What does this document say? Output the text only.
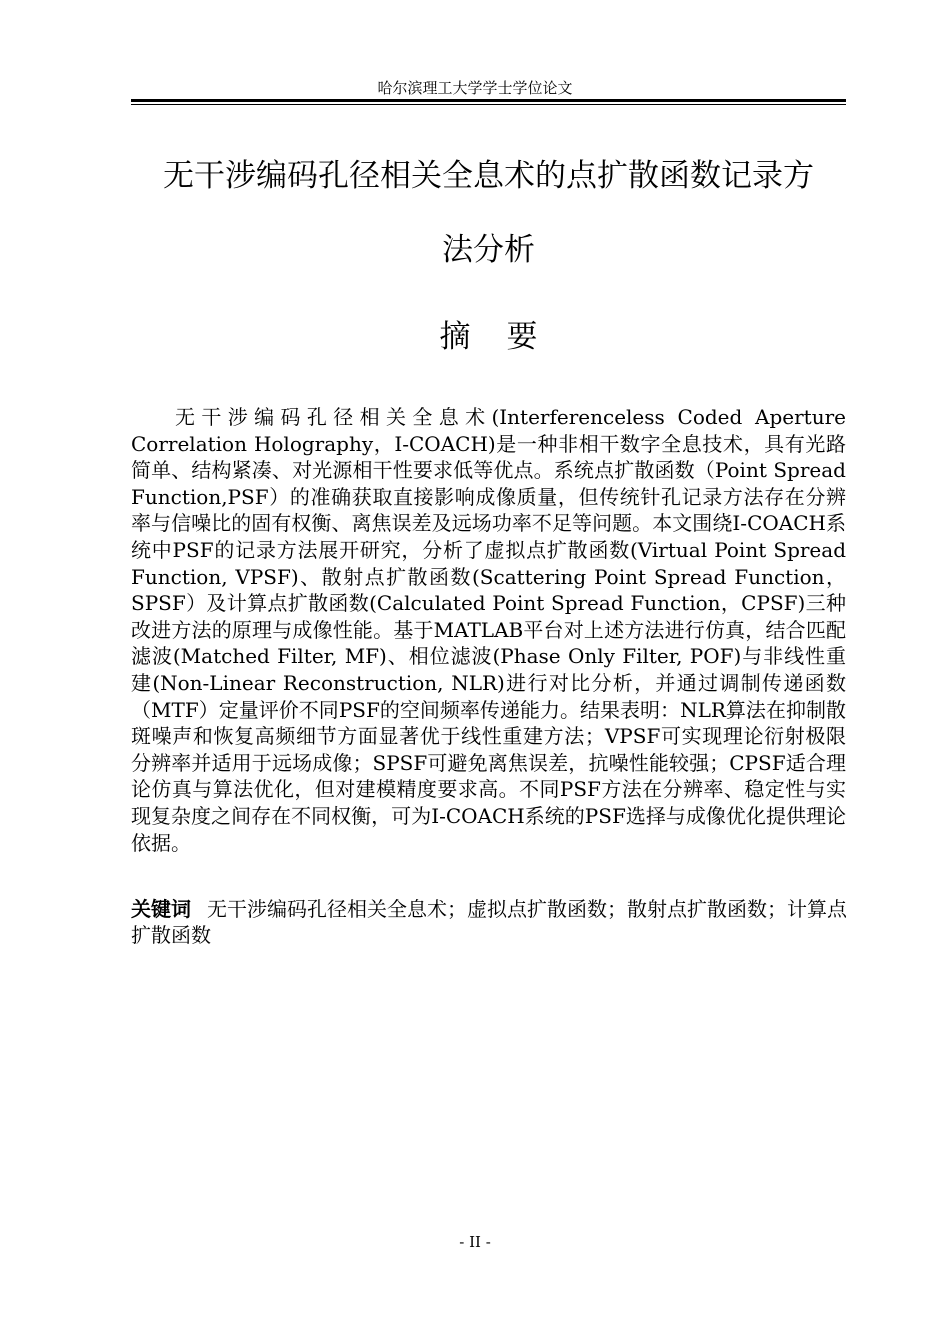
哈尔滨理工大学学士学位论文
无干涉编码孔径相关全息术的点扩散函数记录方
法分析
摘要

无干涉编码孔径相关全息术(Interferenceless Coded Aperture Correlation Holography，I-COACH)是一种非相干数字全息技术，具有光路简单、结构紧凑、对光源相干性要求低等优点。系统点扩散函数（Point Spread Function,PSF）的准确获取直接影响成像质量，但传统针孔记录方法存在分辨率与信噪比的固有权衡、离焦误差及远场功率不足等问题。本文围绕I-COACH系统中PSF的记录方法展开研究，分析了虚拟点扩散函数(Virtual Point Spread Function, VPSF)、散射点扩散函数(Scattering Point Spread Function，SPSF）及计算点扩散函数(Calculated Point Spread Function，CPSF)三种改进方法的原理与成像性能。基于MATLAB平台对上述方法进行仿真，结合匹配滤波(Matched Filter, MF)、相位滤波(Phase Only Filter, POF)与非线性重建(Non-Linear Reconstruction, NLR)进行对比分析，并通过调制传递函数（MTF）定量评价不同PSF的空间频率传递能力。结果表明：NLR算法在抑制散斑噪声和恢复高频细节方面显著优于线性重建方法；VPSF可实现理论衍射极限分辨率并适用于远场成像；SPSF可避免离焦误差，抗噪性能较强；CPSF适合理论仿真与算法优化，但对建模精度要求高。不同PSF方法在分辨率、稳定性与实现复杂度之间存在不同权衡，可为I-COACH系统的PSF选择与成像优化提供理论依据。

关键词 无干涉编码孔径相关全息术；虚拟点扩散函数；散射点扩散函数；计算点扩散函数

- II -
